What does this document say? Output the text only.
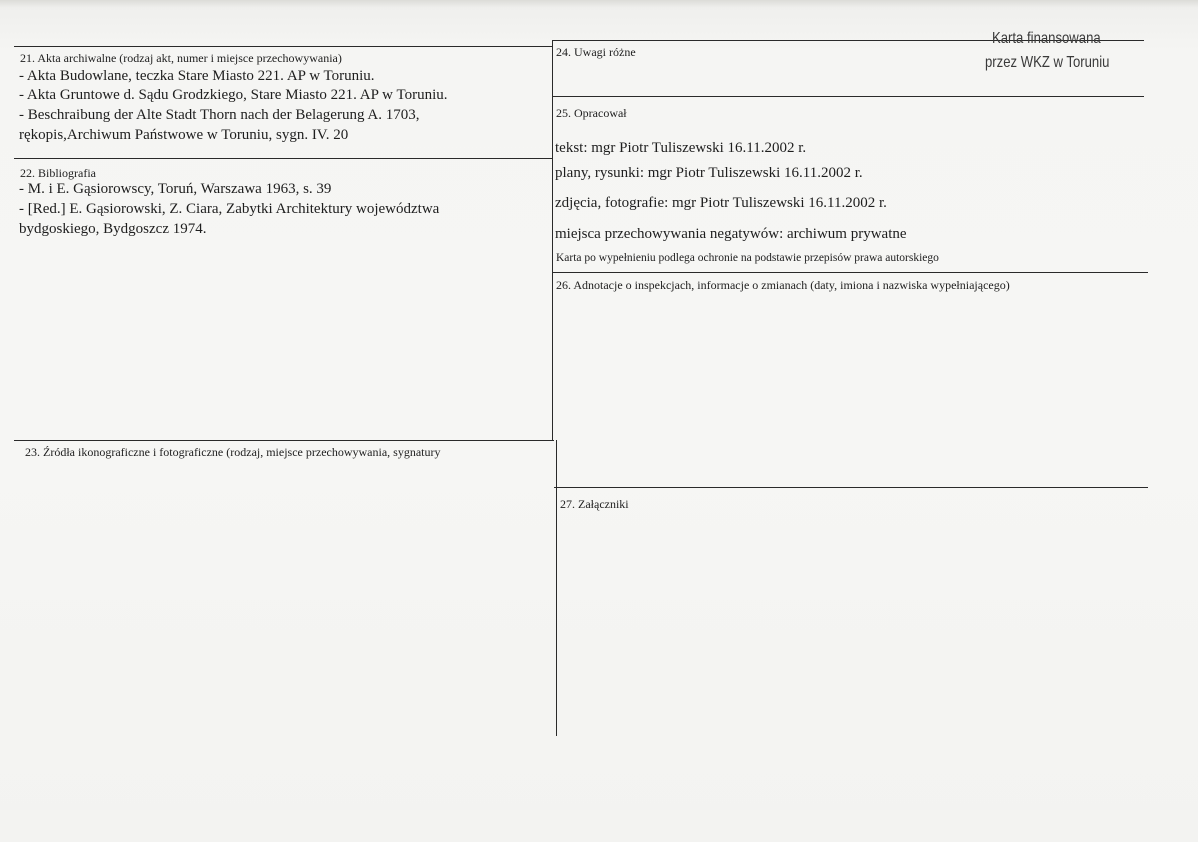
Karta finansowana
przez WKZ w Toruniu
21. Akta archiwalne (rodzaj akt, numer i miejsce przechowywania)
- Akta Budowlane, teczka Stare Miasto 221. AP w Toruniu.
- Akta Gruntowe d. Sądu Grodzkiego, Stare Miasto 221. AP w Toruniu.
- Beschraibung der Alte Stadt Thorn nach der Belagerung A. 1703,
rękopis,Archiwum Państwowe w Toruniu, sygn. IV. 20
22. Bibliografia
- M. i E. Gąsiorowscy, Toruń, Warszawa 1963, s. 39
- [Red.] E. Gąsiorowski, Z. Ciara, Zabytki Architektury województwa
bydgoskiego, Bydgoszcz 1974.
23. Źródła ikonograficzne i fotograficzne (rodzaj, miejsce przechowywania, sygnatury
24. Uwagi różne
25. Opracował
tekst: mgr Piotr Tuliszewski 16.11.2002 r.
plany, rysunki: mgr Piotr Tuliszewski 16.11.2002 r.
zdjęcia, fotografie: mgr Piotr Tuliszewski 16.11.2002 r.
miejsca przechowywania negatywów: archiwum prywatne
Karta po wypełnieniu podlega ochronie na podstawie przepisów prawa autorskiego
26. Adnotacje o inspekcjach, informacje o zmianach (daty, imiona i nazwiska wypełniającego)
27. Załączniki
